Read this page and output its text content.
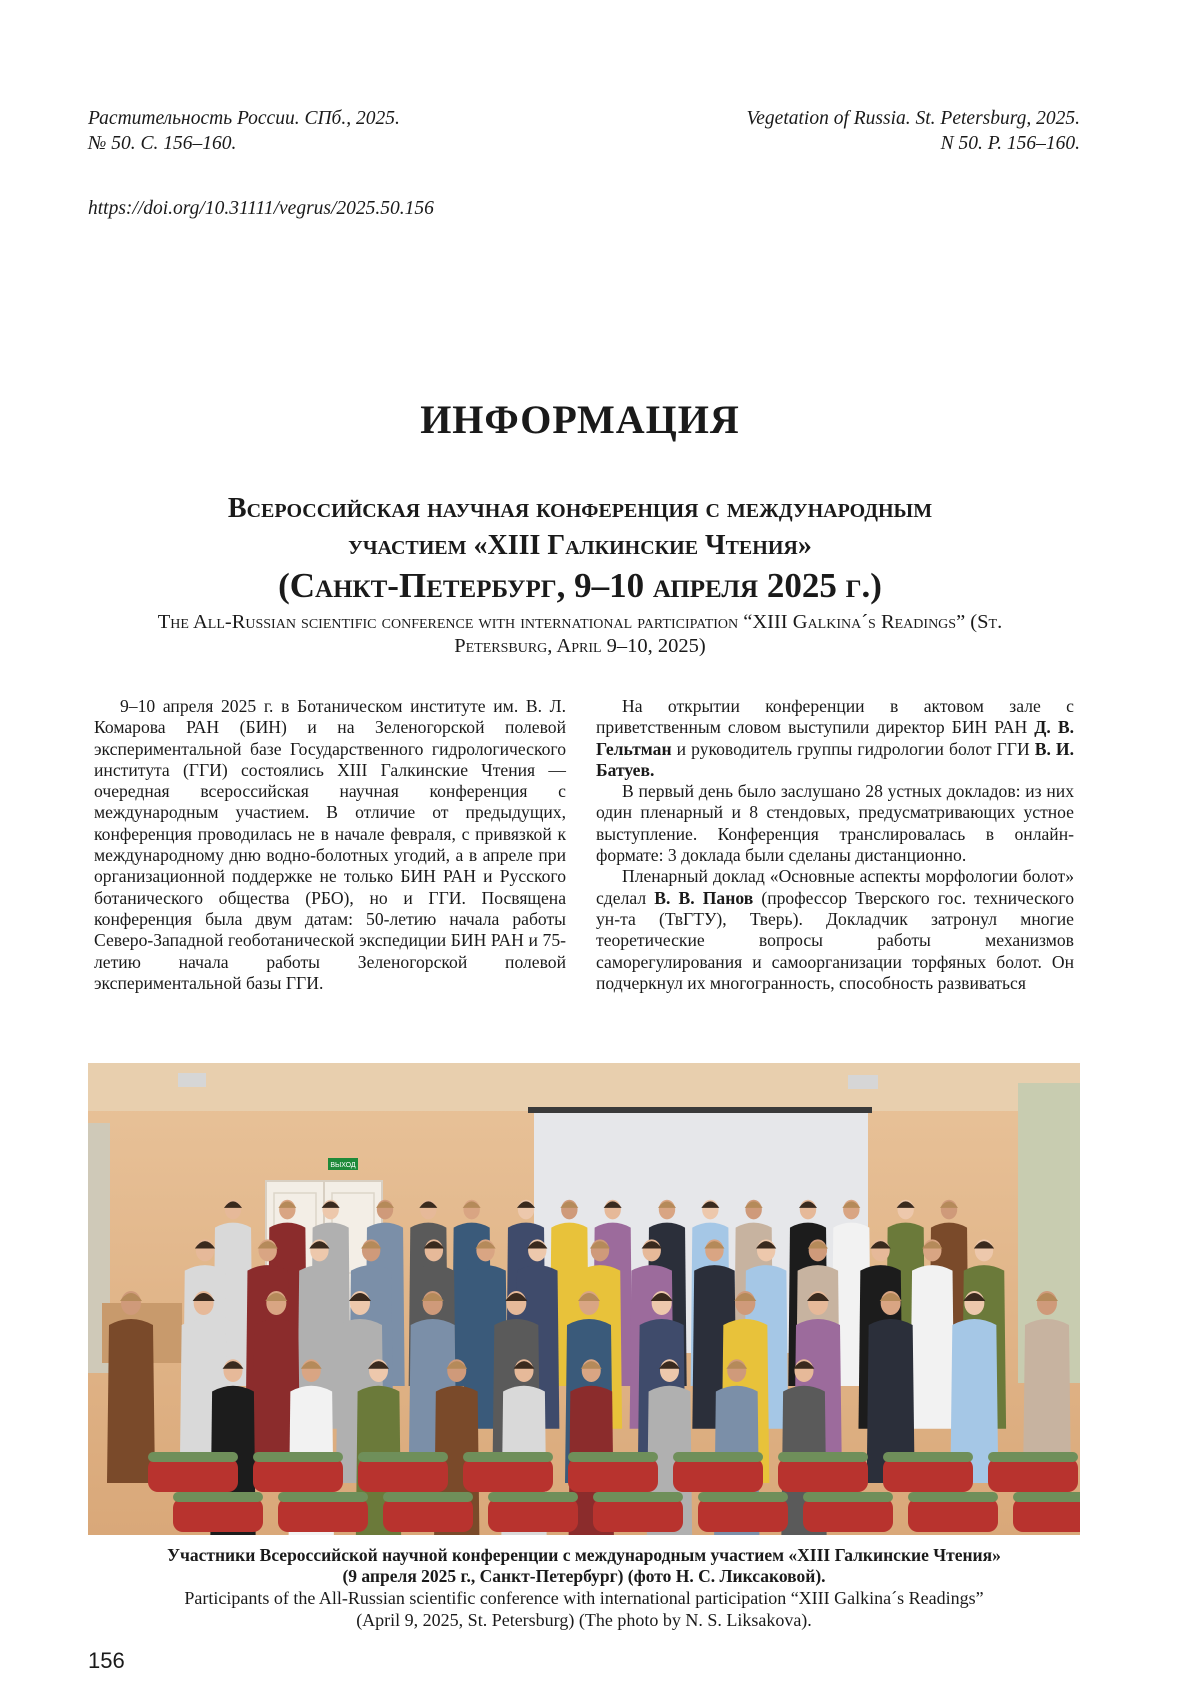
Растительность России. СПб., 2025.
№ 50. С. 156–160.
Vegetation of Russia. St. Petersburg, 2025.
N 50. P. 156–160.
https://doi.org/10.31111/vegrus/2025.50.156
ИНФОРМАЦИЯ
Всероссийская научная конференция с международным
участием «XIII Галкинские Чтения»
(Санкт-Петербург, 9–10 апреля 2025 г.)
The All-Russian scientific conference with international participation “XIII Galkina´s Readings” (St. Petersburg, April 9–10, 2025)

9–10 апреля 2025 г. в Ботаническом институте им. В. Л. Комарова РАН (БИН) и на Зеленогорской полевой экспериментальной базе Государственного гидрологического института (ГГИ) состоялись XIII Галкинские Чтения — очередная всероссийская научная конференция с международным участием. В отличие от предыдущих, конференция проводилась не в начале февраля, с привязкой к международному дню водно-болотных угодий, а в апреле при организационной поддержке не только БИН РАН и Русского ботанического общества (РБО), но и ГГИ. Посвящена конференция была двум датам: 50-летию начала работы Северо-Западной геоботанической экспедиции БИН РАН и 75-летию начала работы Зеленогорской полевой экспериментальной базы ГГИ.

На открытии конференции в актовом зале с приветственным словом выступили директор БИН РАН Д. В. Гельтман и руководитель группы гидрологии болот ГГИ В. И. Батуев.

В первый день было заслушано 28 устных докладов: из них один пленарный и 8 стендовых, предусматривающих устное выступление. Конференция транслировалась в онлайн-формате: 3 доклада были сделаны дистанционно.

Пленарный доклад «Основные аспекты морфологии болот» сделал В. В. Панов (профессор Тверского гос. технического ун-та (ТвГТУ), Тверь). Докладчик затронул многие теоретические вопросы работы механизмов саморегулирования и самоорганизации торфяных болот. Он подчеркнул их многогранность, способность развиваться

ВЫХОД
Участники Всероссийской научной конференции с международным участием «XIII Галкинские Чтения»
(9 апреля 2025 г., Санкт-Петербург) (фото Н. С. Ликсаковой).
Participants of the All-Russian scientific conference with international participation “XIII Galkina´s Readings”
(April 9, 2025, St. Petersburg) (The photo by N. S. Liksakova).
156
